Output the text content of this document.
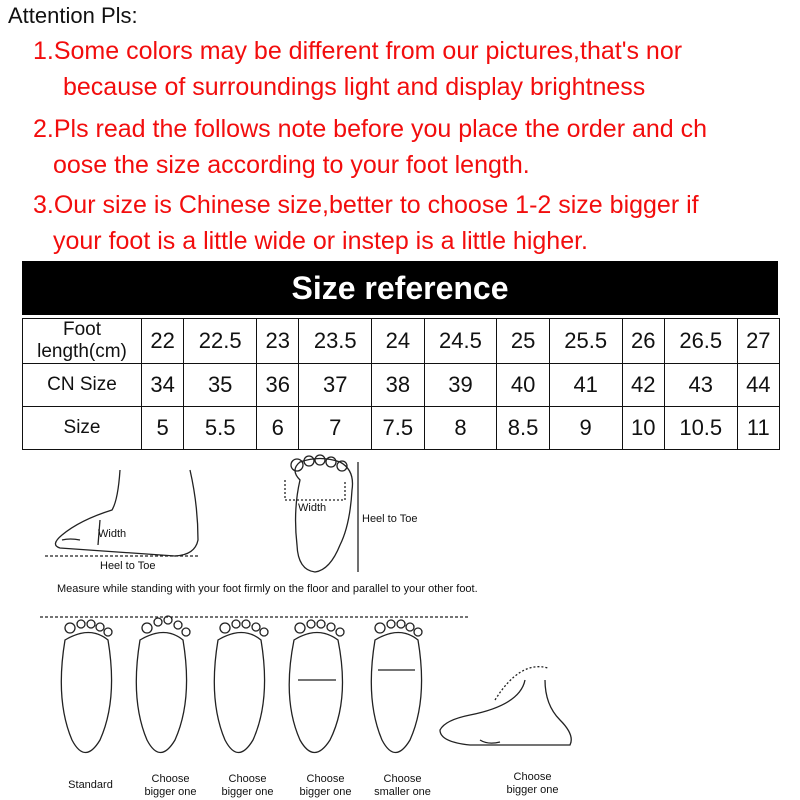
Attention Pls:
1.Some colors may be different from our pictures,that's nor
because of surroundings light and display brightness
2.Pls read the follows note before you place the order and ch
oose the size according to your foot length.
3.Our size is Chinese size,better to choose 1-2 size bigger if
your foot is a little wide or instep is a little higher.
Size reference
Foot length(cm)	22	22.5	23	23.5	24	24.5	25	25.5	26	26.5	27
CN Size	34	35	36	37	38	39	40	41	42	43	44
Size	5	5.5	6	7	7.5	8	8.5	9	10	10.5	11
Width
Heel to Toe
Width
Heel to Toe
Measure while standing with your foot firmly on the floor and parallel to your other foot.
Standard	Choose
bigger one
Choose
bigger one
Choose
bigger one
Choose
smaller one
Choose
bigger one
